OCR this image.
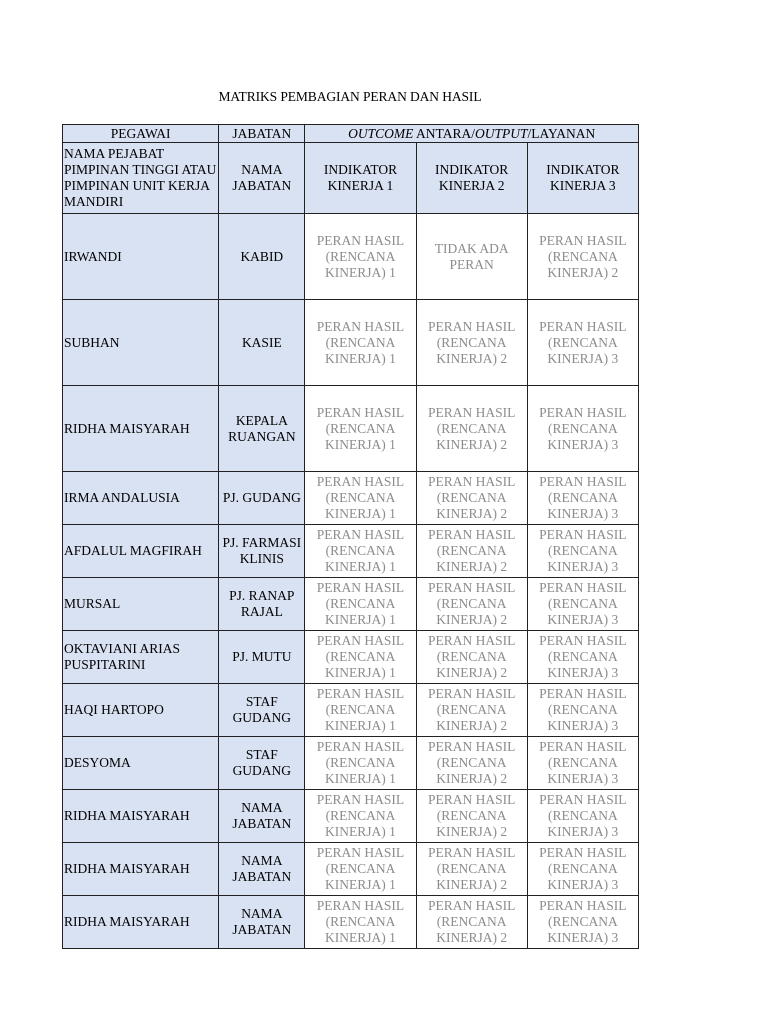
MATRIKS PEMBAGIAN PERAN DAN HASIL
PEGAWAI	JABATAN	OUTCOME ANTARA/OUTPUT/LAYANAN		
NAMA PEJABAT PIMPINAN TINGGI ATAU PIMPINAN UNIT KERJA MANDIRI	NAMA JABATAN	INDIKATOR KINERJA 1	INDIKATOR KINERJA 2	INDIKATOR KINERJA 3
IRWANDI	KABID	PERAN HASIL (RENCANA KINERJA) 1	TIDAK ADA PERAN	PERAN HASIL (RENCANA KINERJA) 2
SUBHAN	KASIE	PERAN HASIL (RENCANA KINERJA) 1	PERAN HASIL (RENCANA KINERJA) 2	PERAN HASIL (RENCANA KINERJA) 3
RIDHA MAISYARAH	KEPALA RUANGAN	PERAN HASIL (RENCANA KINERJA) 1	PERAN HASIL (RENCANA KINERJA) 2	PERAN HASIL (RENCANA KINERJA) 3
IRMA ANDALUSIA	PJ. GUDANG	PERAN HASIL (RENCANA KINERJA) 1	PERAN HASIL (RENCANA KINERJA) 2	PERAN HASIL (RENCANA KINERJA) 3
AFDALUL MAGFIRAH	PJ. FARMASI KLINIS	PERAN HASIL (RENCANA KINERJA) 1	PERAN HASIL (RENCANA KINERJA) 2	PERAN HASIL (RENCANA KINERJA) 3
MURSAL	PJ. RANAP RAJAL	PERAN HASIL (RENCANA KINERJA) 1	PERAN HASIL (RENCANA KINERJA) 2	PERAN HASIL (RENCANA KINERJA) 3
OKTAVIANI ARIAS PUSPITARINI	PJ. MUTU	PERAN HASIL (RENCANA KINERJA) 1	PERAN HASIL (RENCANA KINERJA) 2	PERAN HASIL (RENCANA KINERJA) 3
HAQI HARTOPO	STAF GUDANG	PERAN HASIL (RENCANA KINERJA) 1	PERAN HASIL (RENCANA KINERJA) 2	PERAN HASIL (RENCANA KINERJA) 3
DESYOMA	STAF GUDANG	PERAN HASIL (RENCANA KINERJA) 1	PERAN HASIL (RENCANA KINERJA) 2	PERAN HASIL (RENCANA KINERJA) 3
RIDHA MAISYARAH	NAMA JABATAN	PERAN HASIL (RENCANA KINERJA) 1	PERAN HASIL (RENCANA KINERJA) 2	PERAN HASIL (RENCANA KINERJA) 3
RIDHA MAISYARAH	NAMA JABATAN	PERAN HASIL (RENCANA KINERJA) 1	PERAN HASIL (RENCANA KINERJA) 2	PERAN HASIL (RENCANA KINERJA) 3
RIDHA MAISYARAH	NAMA JABATAN	PERAN HASIL (RENCANA KINERJA) 1	PERAN HASIL (RENCANA KINERJA) 2	PERAN HASIL (RENCANA KINERJA) 3
